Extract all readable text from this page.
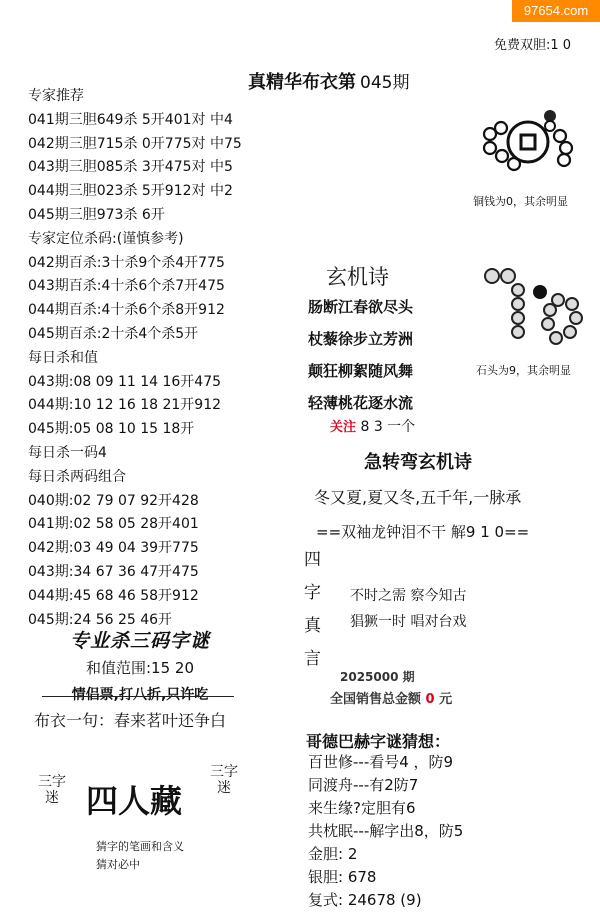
97654.com
免费双胆:1 0
真精华布衣第 045期
专家推荐
041期三胆649杀 5开401对 中4
042期三胆715杀 0开775对 中75
043期三胆085杀 3开475对 中5
044期三胆023杀 5开912对 中2
045期三胆973杀 6开
专家定位杀码:(谨慎参考)
042期百杀:3十杀9个杀4开775
043期百杀:4十杀6个杀7开475
044期百杀:4十杀6个杀8开912
045期百杀:2十杀4个杀5开
每日杀和值
043期:08 09 11 14 16开475
044期:10 12 16 18 21开912
045期:05 08 10 15 18开
每日杀一码4
每日杀两码组合
040期:02 79 07 92开428
041期:02 58 05 28开401
042期:03 49 04 39开775
043期:34 67 36 47开475
044期:45 68 46 58开912
045期:24 56 25 46开
专业杀三码字谜
和值范围:15 20
情侣票,打八折,只许吃
布衣一句：春来茗叶还争白
三字迷 四人藏
三字迷
猜字的笔画和含义
猜对必中
铜钱为0，其余明显
石头为9，其余明显
玄机诗
肠断江春欲尽头
杖藜徐步立芳洲
颠狂柳絮随风舞
轻薄桃花逐水流
关注 8 3 一个
急转弯玄机诗
冬又夏,夏又冬,五千年,一脉承
==双袖龙钟泪不干 解9 1 0==
四
字
真
言
不时之需 察今知古
猖獗一时 唱对台戏
2025000 期
全国销售总金额 0 元
哥德巴赫字谜猜想：
百世修---看号4 ，防9
同渡舟---有2防7
来生缘?定胆有6
共枕眠---解字出8，防5
金胆: 2
银胆: 678
复式: 24678 (9)
